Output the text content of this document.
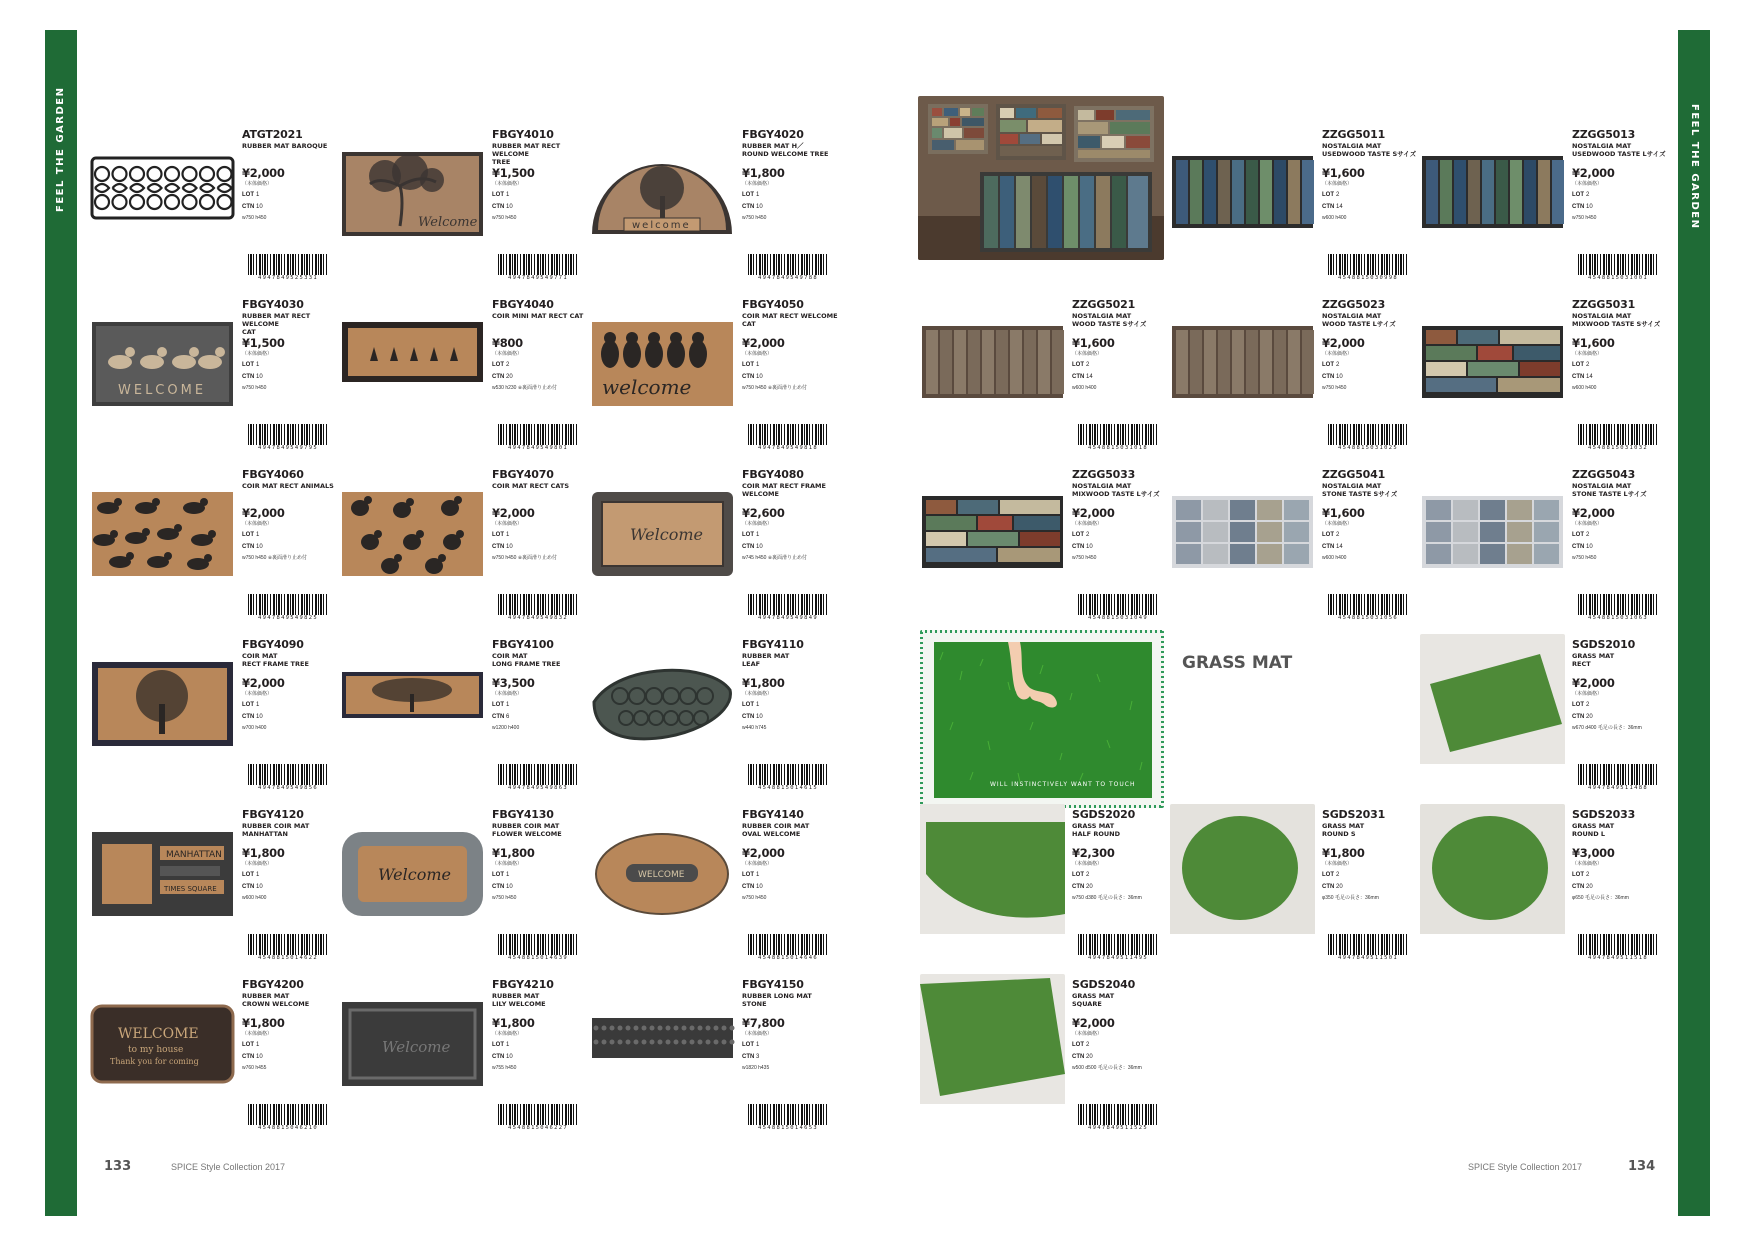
FEEL THE GARDEN	FEEL THE GARDEN
WILL INSTINCTIVELY WANT TO TOUCH
GRASS MAT
ATGT2021
RUBBER MAT BAROQUE
¥2,000
（本体価格）
LOT 1
CTN 10
w750 h450
4947849525331
Welcome
FBGY4010
RUBBER MAT RECT WELCOME
TREE
¥1,500
（本体価格）
LOT 1
CTN 10
w750 h450
4947849549771
welcome
FBGY4020
RUBBER MAT H／
ROUND WELCOME TREE
¥1,800
（本体価格）
LOT 1
CTN 10
w750 h450
4947849549788
WELCOME
FBGY4030
RUBBER MAT RECT WELCOME
CAT
¥1,500
（本体価格）
LOT 1
CTN 10
w750 h450
4947849549795
FBGY4040
COIR MINI MAT RECT CAT
¥800
（本体価格）
LOT 2
CTN 20
w530 h230 ※裏面滑り止め付
4947849549801
welcome
FBGY4050
COIR MAT RECT WELCOME
CAT
¥2,000
（本体価格）
LOT 1
CTN 10
w750 h450 ※裏面滑り止め付
4947849549818
FBGY4060
COIR MAT RECT ANIMALS
¥2,000
（本体価格）
LOT 1
CTN 10
w750 h450 ※裏面滑り止め付
4947849549825
FBGY4070
COIR MAT RECT CATS
¥2,000
（本体価格）
LOT 1
CTN 10
w750 h450 ※裏面滑り止め付
4947849549832
Welcome
FBGY4080
COIR MAT RECT FRAME
WELCOME
¥2,600
（本体価格）
LOT 1
CTN 10
w745 h450 ※裏面滑り止め付
4947849549849
FBGY4090
COIR MAT
RECT FRAME TREE
¥2,000
（本体価格）
LOT 1
CTN 10
w700 h400
4947849549856
FBGY4100
COIR MAT
LONG FRAME TREE
¥3,500
（本体価格）
LOT 1
CTN 6
w1200 h400
4947849549863
FBGY4110
RUBBER MAT
LEAF
¥1,800
（本体価格）
LOT 1
CTN 10
w440 h745
4548815014615
MANHATTAN
TIMES SQUARE
FBGY4120
RUBBER COIR MAT
MANHATTAN
¥1,800
（本体価格）
LOT 1
CTN 10
w600 h400
4548815014622
Welcome
FBGY4130
RUBBER COIR MAT
FLOWER WELCOME
¥1,800
（本体価格）
LOT 1
CTN 10
w750 h450
4548815014639
WELCOME
FBGY4140
RUBBER COIR MAT
OVAL WELCOME
¥2,000
（本体価格）
LOT 1
CTN 10
w750 h450
4548815014646
WELCOME
to my house
Thank you for coming
FBGY4200
RUBBER MAT
CROWN WELCOME
¥1,800
（本体価格）
LOT 1
CTN 10
w760 h455
4548815046210
Welcome
FBGY4210
RUBBER MAT
LILY WELCOME
¥1,800
（本体価格）
LOT 1
CTN 10
w755 h450
4548815046227
FBGY4150
RUBBER LONG MAT
STONE
¥7,800
（本体価格）
LOT 1
CTN 3
w1820 h435
4548815014653
ZZGG5011
NOSTALGIA MAT
USEDWOOD TASTE Sサイズ
¥1,600
（本体価格）
LOT 2
CTN 14
w600 h400
4548815030998
ZZGG5013
NOSTALGIA MAT
USEDWOOD TASTE Lサイズ
¥2,000
（本体価格）
LOT 2
CTN 10
w750 h450
4548815031001
ZZGG5021
NOSTALGIA MAT
WOOD TASTE Sサイズ
¥1,600
（本体価格）
LOT 2
CTN 14
w600 h400
4548815031018
ZZGG5023
NOSTALGIA MAT
WOOD TASTE Lサイズ
¥2,000
（本体価格）
LOT 2
CTN 10
w750 h450
4548815031025
ZZGG5031
NOSTALGIA MAT
MIXWOOD TASTE Sサイズ
¥1,600
（本体価格）
LOT 2
CTN 14
w600 h400
4548815031032
ZZGG5033
NOSTALGIA MAT
MIXWOOD TASTE Lサイズ
¥2,000
（本体価格）
LOT 2
CTN 10
w750 h450
4548815031049
ZZGG5041
NOSTALGIA MAT
STONE TASTE Sサイズ
¥1,600
（本体価格）
LOT 2
CTN 14
w600 h400
4548815031056
ZZGG5043
NOSTALGIA MAT
STONE TASTE Lサイズ
¥2,000
（本体価格）
LOT 2
CTN 10
w750 h450
4548815031063
SGDS2010
GRASS MAT
RECT
¥2,000
（本体価格）
LOT 2
CTN 20
w670 d400 毛足の長さ：36mm
4947849511488
SGDS2020
GRASS MAT
HALF ROUND
¥2,300
（本体価格）
LOT 2
CTN 20
w750 d380 毛足の長さ：36mm
4947849511495
SGDS2031
GRASS MAT
ROUND S
¥1,800
（本体価格）
LOT 2
CTN 20
φ350 毛足の長さ：36mm
4947849511501
SGDS2033
GRASS MAT
ROUND L
¥3,000
（本体価格）
LOT 2
CTN 20
φ650 毛足の長さ：36mm
4947849511518
SGDS2040
GRASS MAT
SQUARE
¥2,000
（本体価格）
LOT 2
CTN 20
w500 d500 毛足の長さ：36mm
4947849511525
133	SPICE Style Collection 2017	SPICE Style Collection 2017	134
